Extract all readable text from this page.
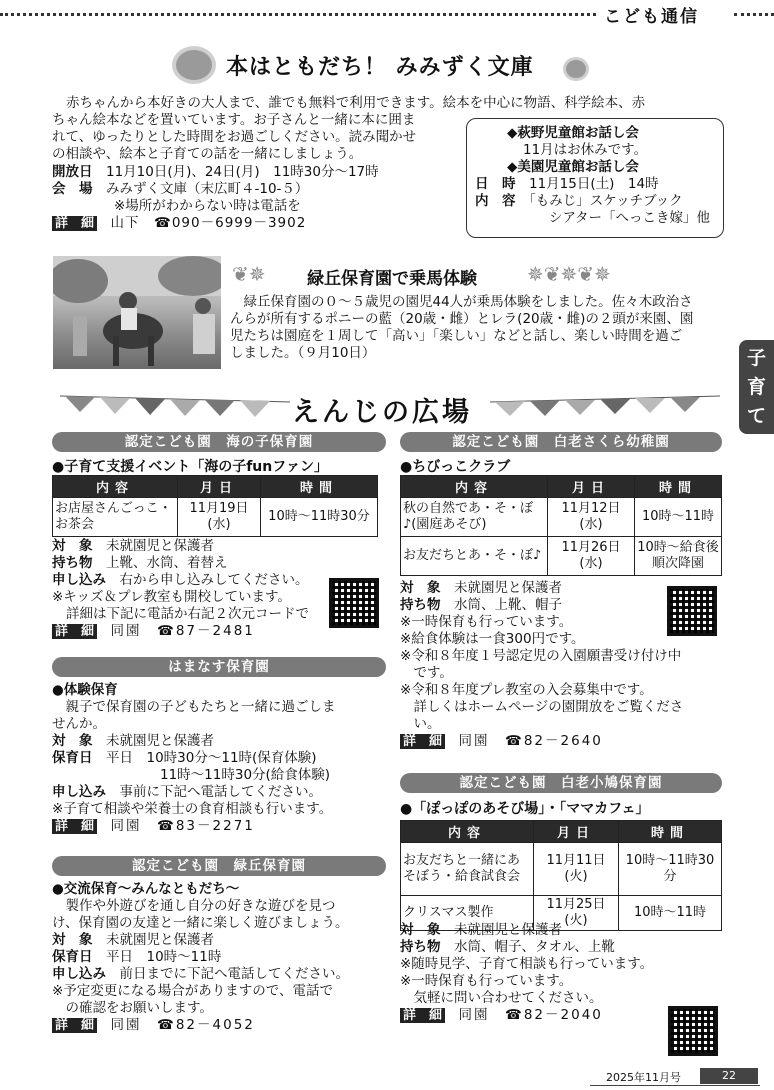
こども通信
本はともだち！ みみずく文庫
赤ちゃんから本好きの大人まで、誰でも無料で利用できます。絵本を中心に物語、科学絵本、赤
ちゃん絵本などを置いています。お子さんと一緒に本に囲ま
れて、ゆったりとした時間をお過ごしください。読み聞かせ
の相談や、絵本と子育ての話を一緒にしましょう。
開放日　 11月10日(月)、24日(月)　11時30分～17時
会　場　 みみずく文庫（末広町４-10-５）
※場所がわからない時は電話を
詳　細　 山下　☎090－6999－3902
◆萩野児童館お話し会
11月はお休みです。
◆美園児童館お話し会
日　時　 11月15日(土)　14時
内　容　 「もみじ」スケッチブック
シアター「へっこき嫁」他
❦✵ 緑丘保育園で乗馬体験	✵❦✵❦✵
　緑丘保育園の０～５歳児の園児44人が乗馬体験をしました。佐々木政治さ
んらが所有するポニーの藍（20歳・雌）とレラ(20歳・雌)の２頭が来園、園
児たちは園庭を１周して「高い」「楽しい」などと話し、楽しい時間を過ご
しました。（９月10日）	子育て
えんじの広場
認定こども園　海の子保育園
●子育て支援イベント「海の子funファン」
内容	月日	時間
お店屋さんごっこ・お茶会	11月19日(水)	10時～11時30分
対　象　 未就園児と保護者
持ち物　 上靴、水筒、着替え
申し込み　 右から申し込みしてください。
※キッズ＆プレ教室も開校しています。
詳細は下記に電話か右記２次元コードで
詳　細　 同園　☎87－2481
はまなす保育園
●体験保育
　親子で保育園の子どもたちと一緒に過ごしま
せんか。
対　象　 未就園児と保護者
保育日　 平日　10時30分～11時(保育体験)
11時～11時30分(給食体験)
申し込み　 事前に下記へ電話してください。
※子育て相談や栄養士の食育相談も行います。
詳　細　 同園　☎83－2271
認定こども園　緑丘保育園
●交流保育～みんなともだち～
　製作や外遊びを通し自分の好きな遊びを見つ
け、保育園の友達と一緒に楽しく遊びましょう。
対　象　 未就園児と保護者
保育日　 平日　10時～11時
申し込み　 前日までに下記へ電話してください。
※予定変更になる場合がありますので、電話で
　の確認をお願いします。
詳　細　 同園　☎82－4052
認定こども園　白老さくら幼稚園
●ちびっこクラブ
内容	月日	時間
秋の自然であ・そ・ぼ♪(園庭あそび)	11月12日(水)	10時～11時
お友だちとあ・そ・ぼ♪	11月26日(水)	10時～給食後順次降園
対　象　 未就園児と保護者
持ち物　 水筒、上靴、帽子
※一時保育も行っています。
※給食体験は一食300円です。
※令和８年度１号認定児の入園願書受け付け中
　です。
※令和８年度プレ教室の入会募集中です。
　詳しくはホームページの園開放をご覧くださ
　い。
詳　細　 同園　☎82－2640
認定こども園　白老小鳩保育園
●「ぽっぽのあそび場」・「ママカフェ」
内容	月日	時間
お友だちと一緒にあそぼう・給食試食会	11月11日(火)	10時～11時30分
クリスマス製作	11月25日(火)	10時～11時
対　象　 未就園児と保護者
持ち物　 水筒、帽子、タオル、上靴
※随時見学、子育て相談も行っています。
※一時保育も行っています。
　気軽に問い合わせてください。
詳　細　 同園　☎82－2040
2025年11月号	22
